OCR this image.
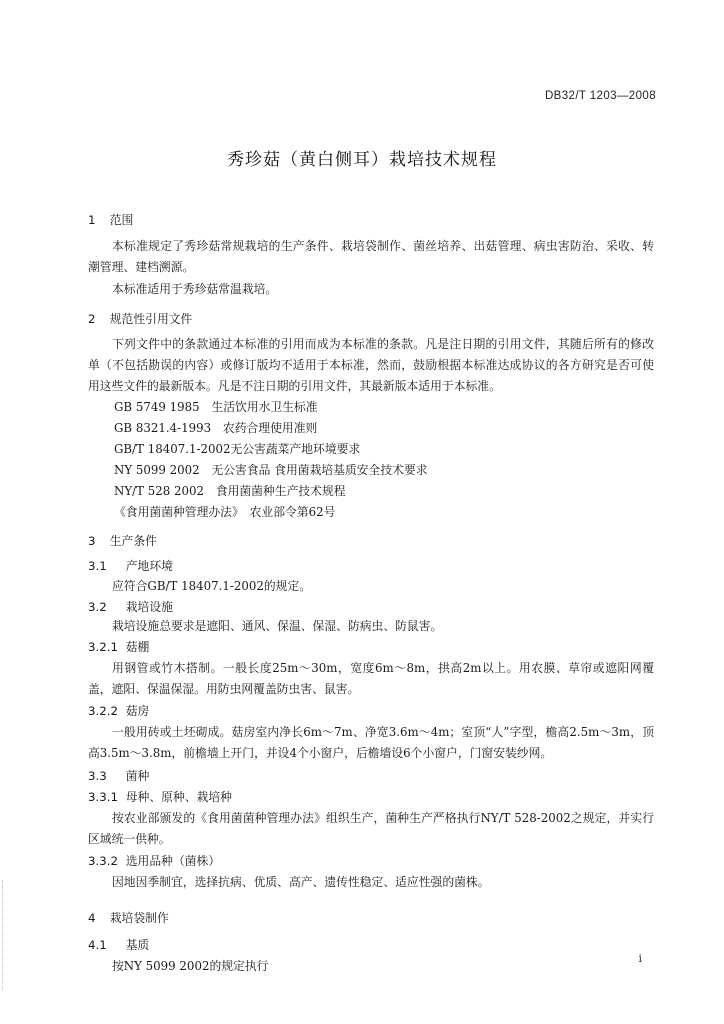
DB32/T 1203—2008
秀珍菇（黄白侧耳）栽培技术规程
1 范围
本标准规定了秀珍菇常规栽培的生产条件、栽培袋制作、菌丝培养、出菇管理、病虫害防治、采收、转潮管理、建档溯源。
本标准适用于秀珍菇常温栽培。
2 规范性引用文件
下列文件中的条款通过本标准的引用而成为本标准的条款。凡是注日期的引用文件，其随后所有的修改单（不包括勘误的内容）或修订版均不适用于本标准，然而，鼓励根据本标准达成协议的各方研究是否可使用这些文件的最新版本。凡是不注日期的引用文件，其最新版本适用于本标准。
GB 5749 1985　生活饮用水卫生标准
GB 8321.4-1993　农药合理使用准则
GB/T 18407.1-2002无公害蔬菜产地环境要求
NY 5099 2002　无公害食品 食用菌栽培基质安全技术要求
NY/T 528 2002　食用菌菌种生产技术规程
《食用菌菌种管理办法》　农业部令第62号
3 生产条件
3.1 产地环境
应符合GB/T 18407.1-2002的规定。
3.2 栽培设施
栽培设施总要求是遮阳、通风、保温、保湿、防病虫、防鼠害。
3.2.1 菇棚
用钢管或竹木搭制。一般长度25m～30m，宽度6m～8m，拱高2m以上。用农膜、草帘或遮阳网覆盖，遮阳、保温保湿。用防虫网覆盖防虫害、鼠害。
3.2.2 菇房
一般用砖或土坯砌成。菇房室内净长6m～7m、净宽3.6m～4m；室顶“人”字型，檐高2.5m～3m，顶高3.5m～3.8m，前檐墙上开门，并设4个小窗户，后檐墙设6个小窗户，门窗安装纱网。
3.3 菌种
3.3.1 母种、原种、栽培种
按农业部颁发的《食用菌菌种管理办法》组织生产，菌种生产严格执行NY/T 528-2002之规定，并实行区域统一供种。
3.3.2 选用品种（菌株）
因地因季制宜，选择抗病、优质、高产、遗传性稳定、适应性强的菌株。
4 栽培袋制作
4.1 基质
按NY 5099 2002的规定执行
i
